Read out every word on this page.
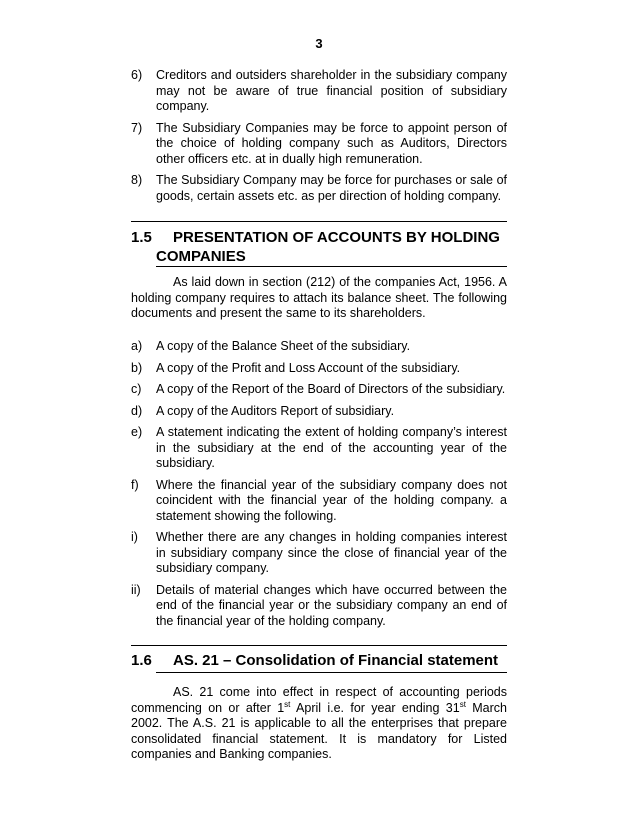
3
6)	Creditors and outsiders shareholder in the subsidiary company may not be aware of true financial position of subsidiary company.
7)	The Subsidiary Companies may be force to appoint person of the choice of holding company such as Auditors, Directors other officers etc. at in dually high remuneration.
8)	The Subsidiary Company may be force for purchases or sale of goods, certain assets etc. as per direction of holding company.
1.5 PRESENTATION OF ACCOUNTS BY HOLDING
COMPANIES

As laid down in section (212) of the companies Act, 1956. A holding company requires to attach its balance sheet. The following documents and present the same to its shareholders.

a)	A copy of the Balance Sheet of the subsidiary.
b)	A copy of the Profit and Loss Account of the subsidiary.
c)	A copy of the Report of the Board of Directors of the subsidiary.
d)	A copy of the Auditors Report of subsidiary.
e)	A statement indicating the extent of holding company’s interest in the subsidiary at the end of the accounting year of the subsidiary.
f)	Where the financial year of the subsidiary company does not coincident with the financial year of the holding company. a statement showing the following.
i)	Whether there are any changes in holding companies interest in subsidiary company since the close of financial year of the subsidiary company.
ii)	Details of material changes which have occurred between the end of the financial year or the subsidiary company an end of the financial year of the holding company.
1.6 AS. 21 – Consolidation of Financial statement

AS. 21 come into effect in respect of accounting periods commencing on or after 1st April i.e. for year ending 31st March 2002. The A.S. 21 is applicable to all the enterprises that prepare consolidated financial statement. It is mandatory for Listed companies and Banking companies.
